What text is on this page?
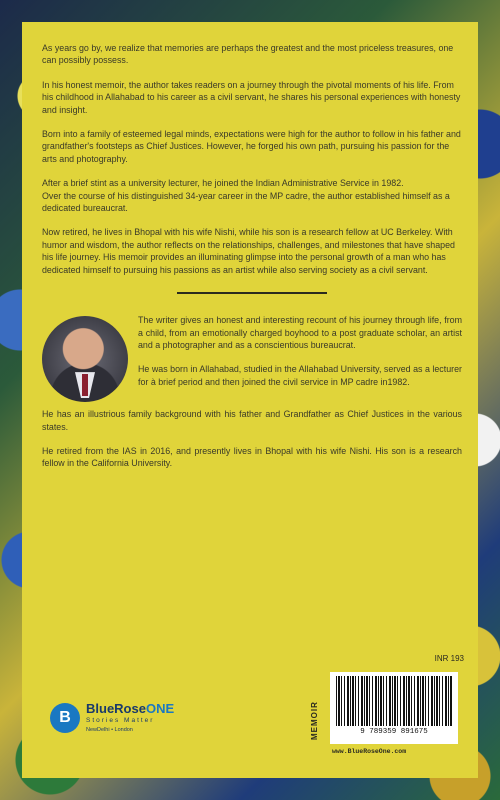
As years go by, we realize that memories are perhaps the greatest and the most priceless treasures, one can possibly possess.

In his honest memoir, the author takes readers on a journey through the pivotal moments of his life. From his childhood in Allahabad to his career as a civil servant, he shares his personal experiences with honesty and insight.

Born into a family of esteemed legal minds, expectations were high for the author to follow in his father and grandfather's footsteps as Chief Justices. However, he forged his own path, pursuing his passion for the arts and photography.

After a brief stint as a university lecturer, he joined the Indian Administrative Service in 1982.

Over the course of his distinguished 34-year career in the MP cadre, the author established himself as a dedicated bureaucrat.

Now retired, he lives in Bhopal with his wife Nishi, while his son is a research fellow at UC Berkeley. With humor and wisdom, the author reflects on the relationships, challenges, and milestones that have shaped his life journey. His memoir provides an illuminating glimpse into the personal growth of a man who has dedicated himself to pursuing his passions as an artist while also serving society as a civil servant.

The writer gives an honest and interesting recount of his journey through life, from a child, from an emotionally charged boyhood to a post graduate scholar, an artist and a photographer and as a conscientious bureaucrat.

He was born in Allahabad, studied in the Allahabad University, served as a lecturer for à brief period and then joined the civil service in MP cadre in1982.

He has an illustrious family background with his father and Grandfather as Chief Justices in the various states.

He retired from the IAS in 2016, and presently lives in Bhopal with his wife Nishi. His son is a research fellow in the California University.

INR 193
MEMOIR	9 789359 891675
www.BlueRoseOne.com
B	BlueRoseONE
Stories Matter
NewDelhi • London
